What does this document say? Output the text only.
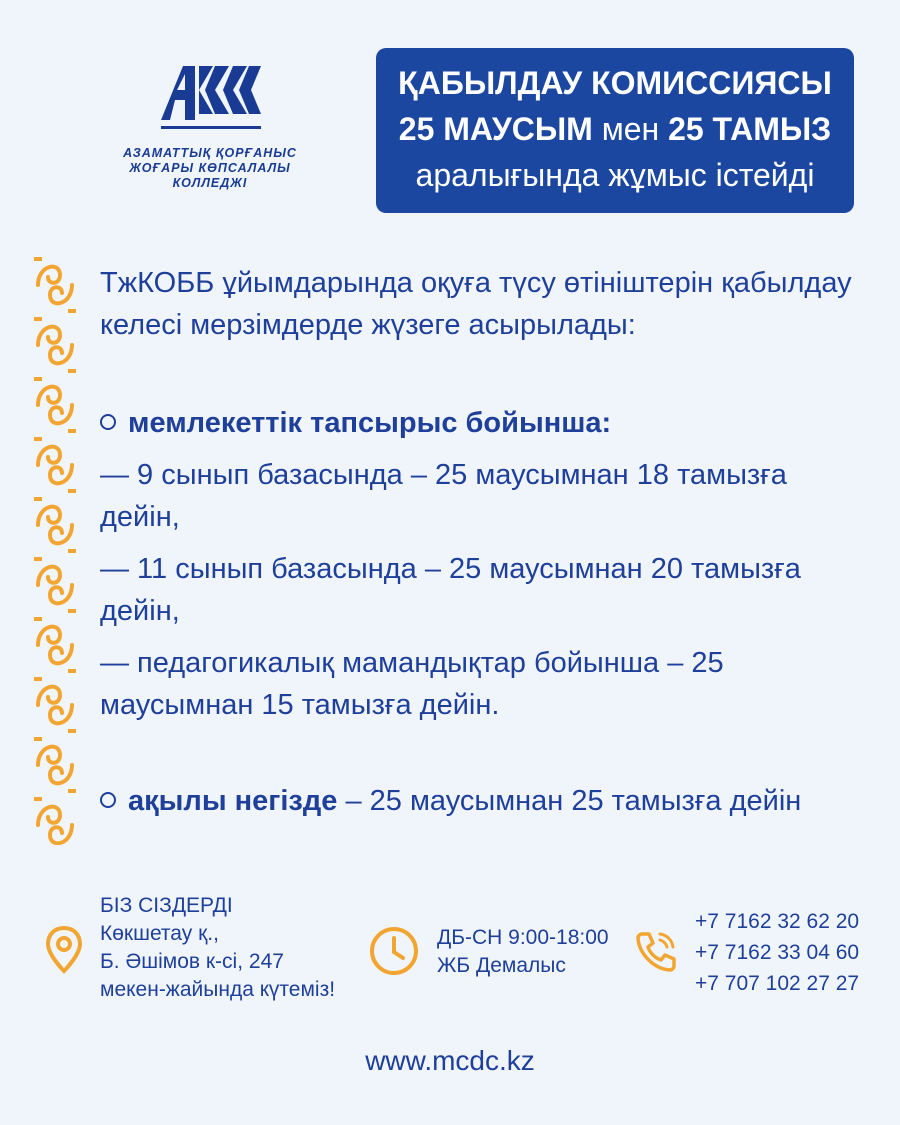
АЗАМАТТЫҚ ҚОРҒАНЫС
ЖОҒАРЫ КӨПСАЛАЛЫ
КОЛЛЕДЖІ
ҚАБЫЛДАУ КОМИССИЯСЫ
25 МАУСЫМ мен 25 ТАМЫЗ
аралығында жұмыс істейді

ТжКОББ ұйымдарында оқуға түсу өтініштерін қабылдау келесі мерзімдерде жүзеге асырылады:

мемлекеттік тапсырыс бойынша:

— 9 сынып базасында – 25 маусымнан 18 тамызға дейін,

— 11 сынып базасында – 25 маусымнан 20 тамызға дейін,

— педагогикалық мамандықтар бойынша – 25 маусымнан 15 тамызға дейін.

ақылы негізде – 25 маусымнан 25 тамызға дейін

БІЗ СІЗДЕРДІ
Көкшетау қ.,
Б. Әшімов к-сі, 247
мекен-жайында күтеміз!
ДБ-СН 9:00-18:00
ЖБ Демалыс
+7 7162 32 62 20
+7 7162 33 04 60
+7 707 102 27 27
www.mcdc.kz
